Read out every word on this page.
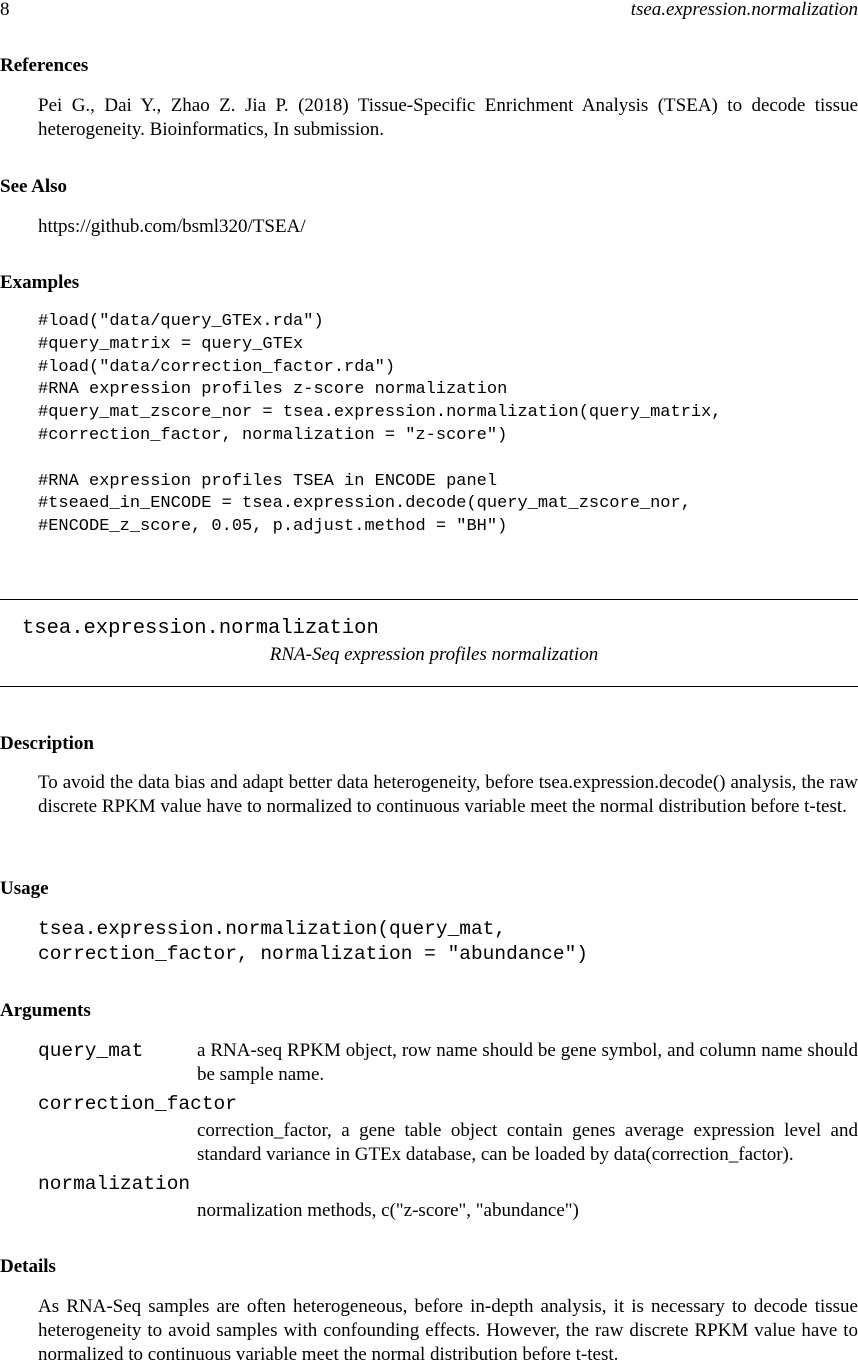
8	tsea.expression.normalization
References
Pei G., Dai Y., Zhao Z. Jia P. (2018) Tissue-Specific Enrichment Analysis (TSEA) to decode tissue heterogeneity. Bioinformatics, In submission.
See Also
https://github.com/bsml320/TSEA/
Examples
#load("data/query_GTEx.rda")
#query_matrix = query_GTEx
#load("data/correction_factor.rda")
#RNA expression profiles z-score normalization
#query_mat_zscore_nor = tsea.expression.normalization(query_matrix,
#correction_factor, normalization = "z-score")

#RNA expression profiles TSEA in ENCODE panel
#tseaed_in_ENCODE = tsea.expression.decode(query_mat_zscore_nor,
#ENCODE_z_score, 0.05, p.adjust.method = "BH")
tsea.expression.normalization
RNA-Seq expression profiles normalization
Description
To avoid the data bias and adapt better data heterogeneity, before tsea.expression.decode() analysis, the raw discrete RPKM value have to normalized to continuous variable meet the normal distribution before t-test.
Usage
tsea.expression.normalization(query_mat,
correction_factor, normalization = "abundance")
Arguments
query_mat	a RNA-seq RPKM object, row name should be gene symbol, and column name should be sample name.
correction_factor
correction_factor, a gene table object contain genes average expression level and standard variance in GTEx database, can be loaded by data(correction_factor).
normalization
normalization methods, c("z-score", "abundance")
Details
As RNA-Seq samples are often heterogeneous, before in-depth analysis, it is necessary to decode tissue heterogeneity to avoid samples with confounding effects. However, the raw discrete RPKM value have to normalized to continuous variable meet the normal distribution before t-test.
